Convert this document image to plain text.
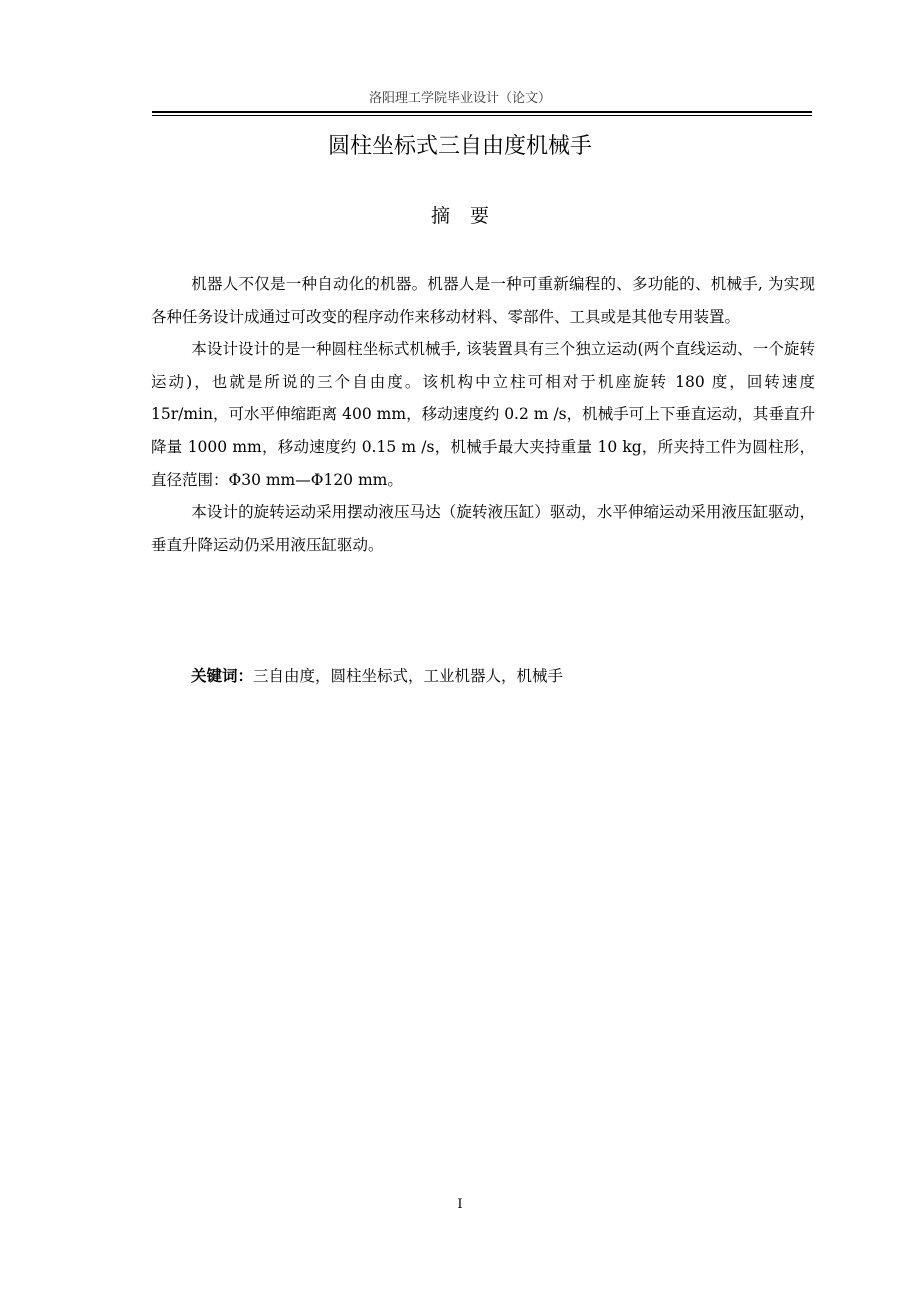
洛阳理工学院毕业设计（论文）
圆柱坐标式三自由度机械手
摘要

机器人不仅是一种自动化的机器。机器人是一种可重新编程的、多功能的、机械手, 为实现各种任务设计成通过可改变的程序动作来移动材料、零部件、工具或是其他专用装置。

本设计设计的是一种圆柱坐标式机械手, 该装置具有三个独立运动(两个直线运动、一个旋转运动)，也就是所说的三个自由度。该机构中立柱可相对于机座旋转 180 度，回转速度 15r/min，可水平伸缩距离 400 mm，移动速度约 0.2 m /s，机械手可上下垂直运动，其垂直升降量 1000 mm，移动速度约 0.15 m /s，机械手最大夹持重量 10 kg，所夹持工件为圆柱形，直径范围：Φ30 mm—Φ120 mm。

本设计的旋转运动采用摆动液压马达（旋转液压缸）驱动，水平伸缩运动采用液压缸驱动，垂直升降运动仍采用液压缸驱动。

关键词：三自由度，圆柱坐标式，工业机器人，机械手
I
